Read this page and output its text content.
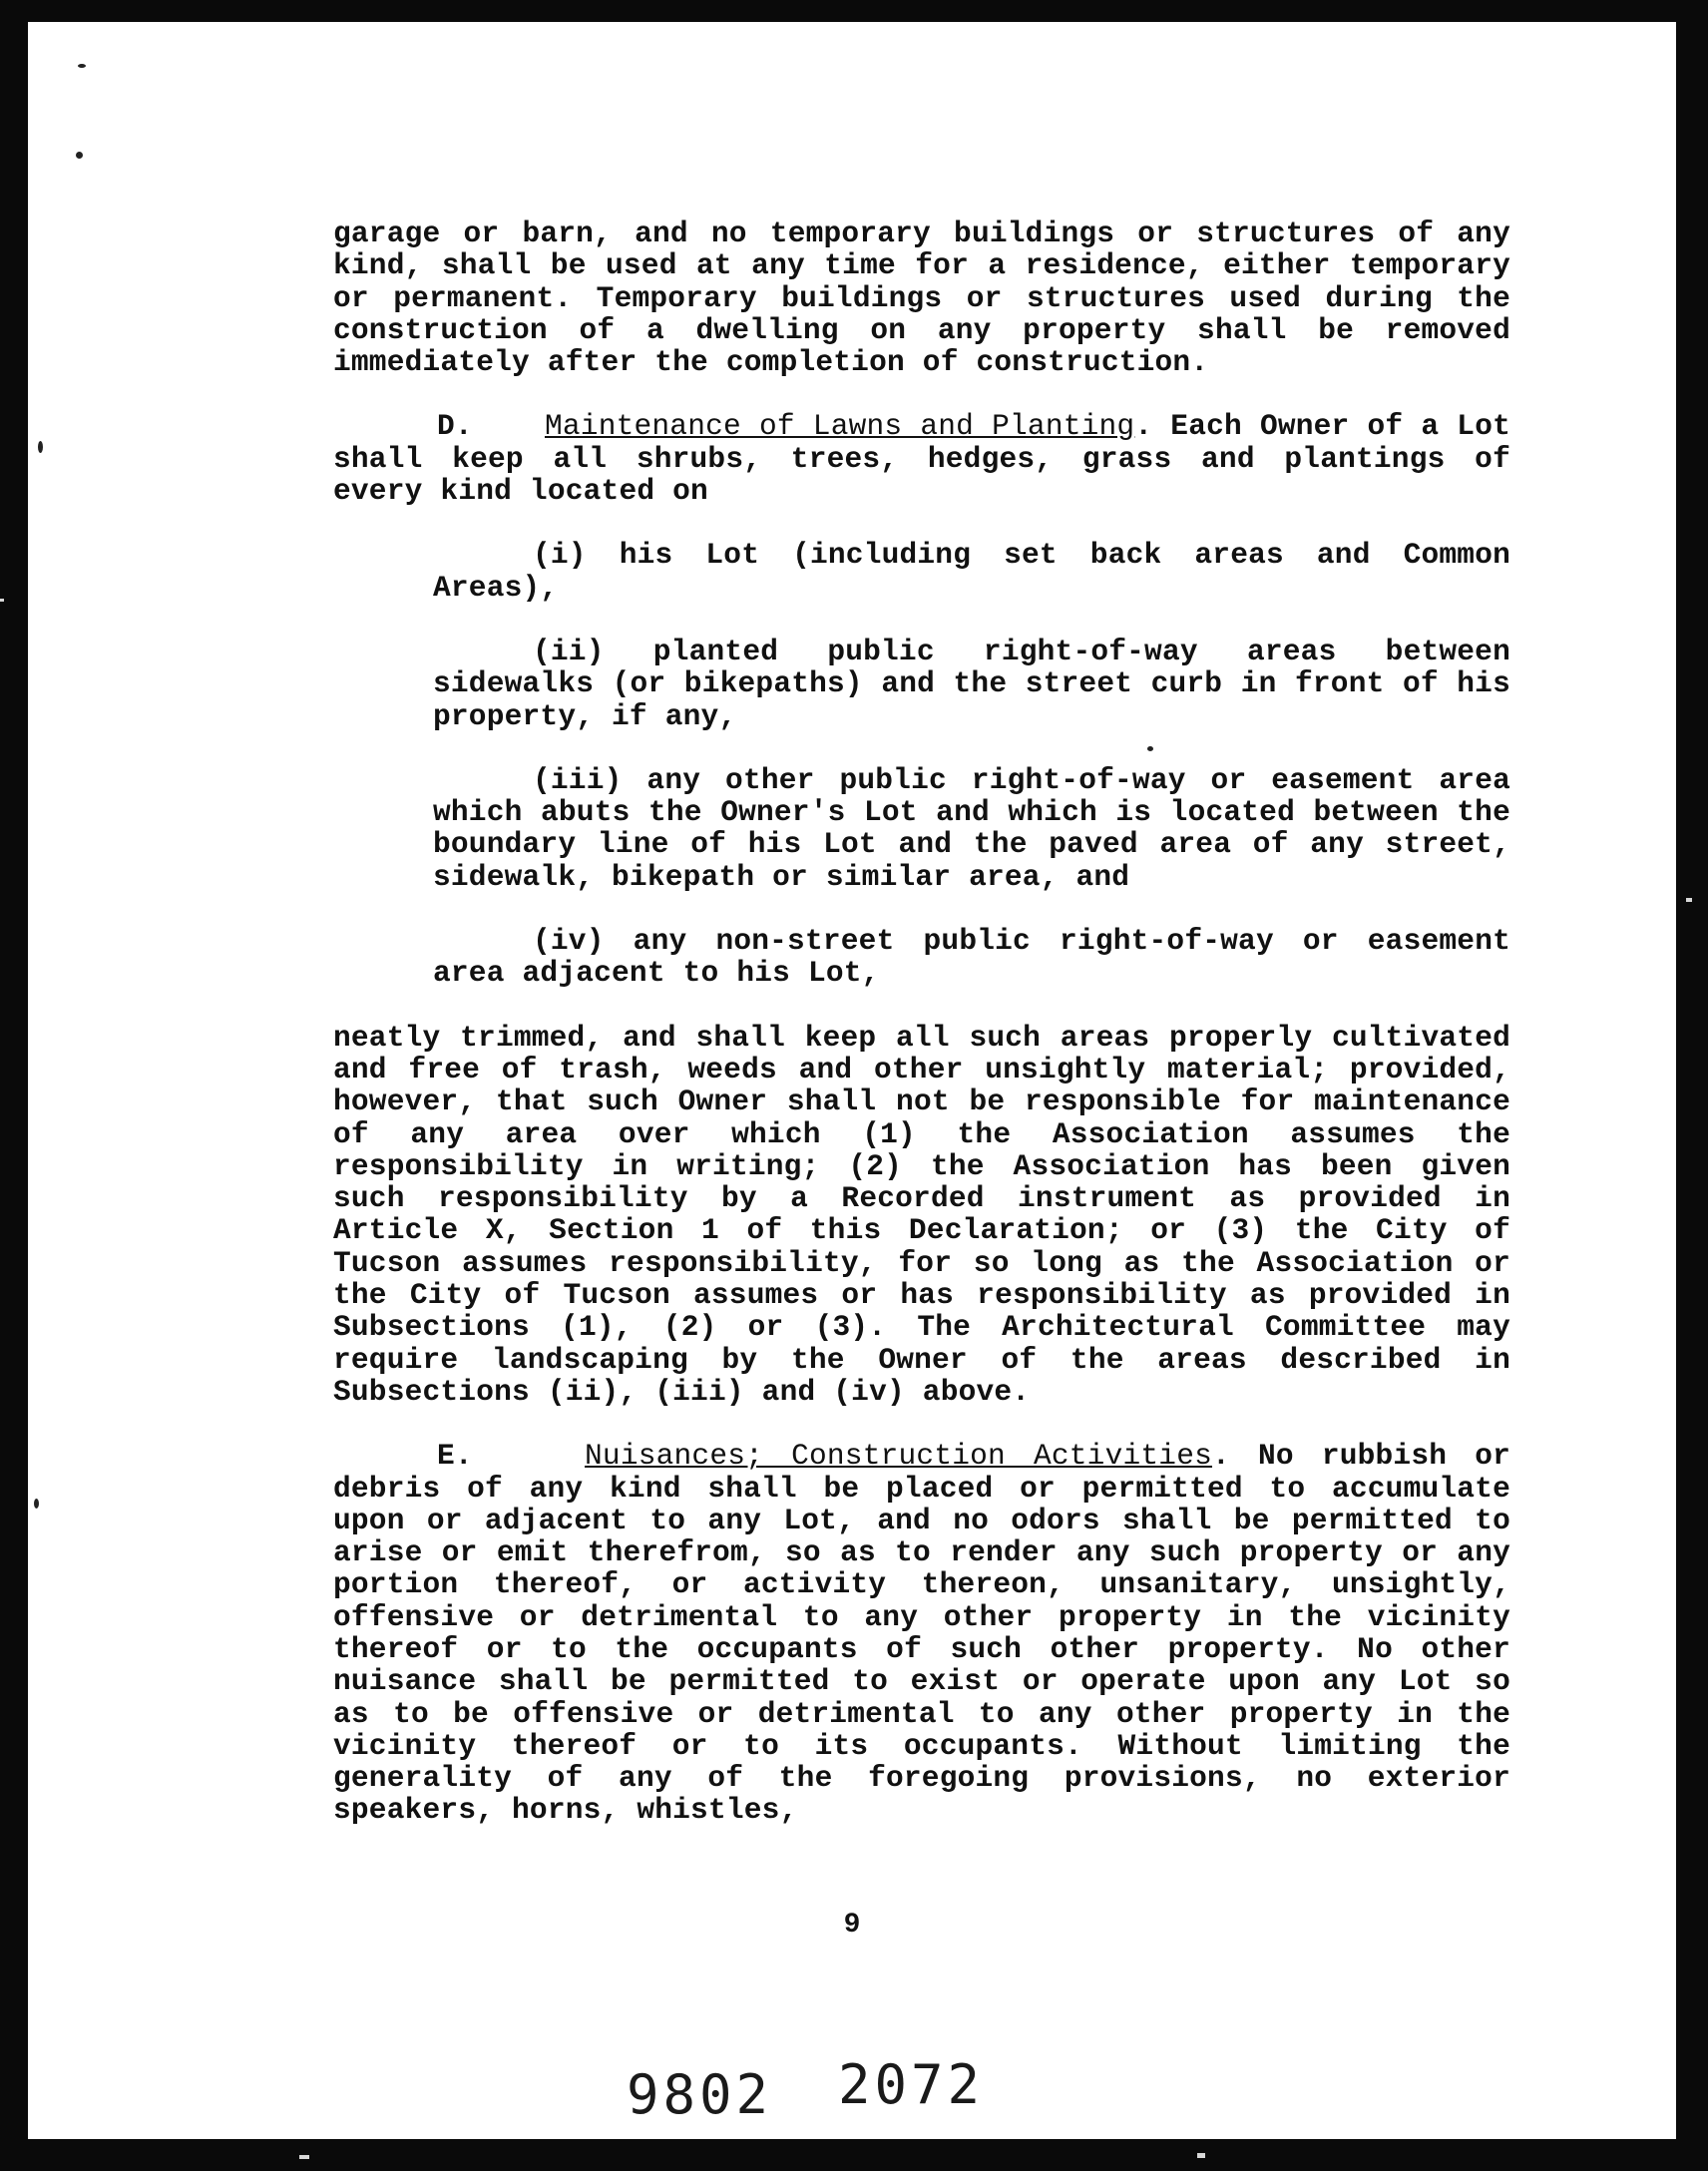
garage or barn, and no temporary buildings or structures of any kind, shall be used at any time for a residence, either temporary or permanent. Temporary buildings or structures used during the construction of a dwelling on any property shall be removed immediately after the completion of construction.

D. Maintenance of Lawns and Planting. Each Owner of a Lot shall keep all shrubs, trees, hedges, grass and plantings of every kind located on

(i) his Lot (including set back areas and Common Areas),

(ii) planted public right-of-way areas between sidewalks (or bikepaths) and the street curb in front of his property, if any,

(iii) any other public right-of-way or easement area which abuts the Owner's Lot and which is located between the boundary line of his Lot and the paved area of any street, sidewalk, bikepath or similar area, and

(iv) any non-street public right-of-way or easement area adjacent to his Lot,

neatly trimmed, and shall keep all such areas properly cultivated and free of trash, weeds and other unsightly material; provided, however, that such Owner shall not be responsible for maintenance of any area over which (1) the Association assumes the responsibility in writing; (2) the Association has been given such responsibility by a Recorded instrument as provided in Article X, Section 1 of this Declaration; or (3) the City of Tucson assumes responsibility, for so long as the Association or the City of Tucson assumes or has responsibility as provided in Subsections (1), (2) or (3). The Architectural Committee may require landscaping by the Owner of the areas described in Subsections (ii), (iii) and (iv) above.

E.	Nuisances; Construction Activities. No rubbish or debris of any kind shall be placed or permitted to accumulate upon or adjacent to any Lot, and no odors shall be permitted to arise or emit therefrom, so as to render any such property or any portion thereof, or activity thereon, unsanitary, unsightly, offensive or detrimental to any other property in the vicinity thereof or to the occupants of such other property. No other nuisance shall be permitted to exist or operate upon any Lot so as to be offensive or detrimental to any other property in the vicinity thereof or to its occupants. Without limiting the generality of any of the foregoing provisions, no exterior speakers, horns, whistles,

9
9802 2072
